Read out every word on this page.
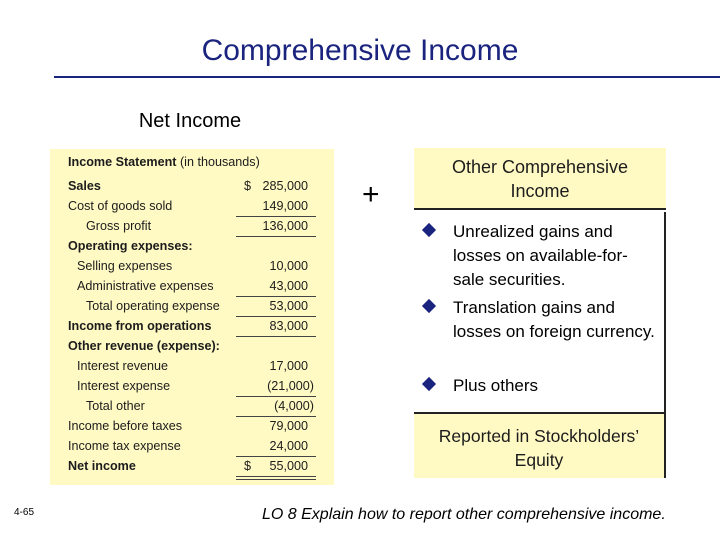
Comprehensive Income
Net Income
Income Statement (in thousands)
Sales	$ 285,000
Cost of goods sold	149,000
Gross profit	136,000
Operating expenses:
Selling expenses	10,000
Administrative expenses	43,000
Total operating expense	53,000
Income from operations	83,000
Other revenue (expense):
Interest revenue	17,000
Interest expense	(21,000)
Total other	(4,000)
Income before taxes	79,000
Income tax expense	24,000
Net income	$ 55,000
+
Other Comprehensive
Income
Unrealized gains and losses on available-for-sale securities.
Translation gains and losses on foreign currency.
Plus others
Reported in Stockholders’
Equity
4-65	LO 8 Explain how to report other comprehensive income.
